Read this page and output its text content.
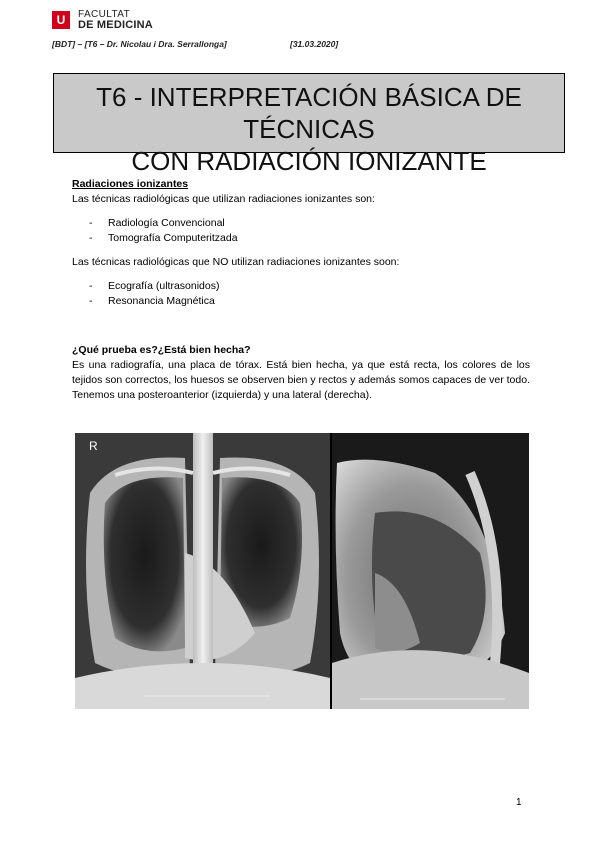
U	FACULTAT
DE MEDICINA
[BDT] – [T6 – Dr. Nicolau i Dra. Serrallonga]	[31.03.2020]
T6 - INTERPRETACIÓN BÁSICA DE TÉCNICAS
CON RADIACIÓN IONIZANTE
Radiaciones ionizantes
Las técnicas radiológicas que utilizan radiaciones ionizantes son:
- Radiología Convencional
- Tomografía Computeritzada
Las técnicas radiológicas que NO utilizan radiaciones ionizantes soon:
- Ecografía (ultrasonidos)
- Resonancia Magnética
¿Qué prueba es?¿Está bien hecha?
Es una radiografía, una placa de tórax. Está bien hecha, ya que está recta, los colores de los tejidos son correctos, los huesos se observen bien y rectos y además somos capaces de ver todo. Tenemos una posteroanterior (izquierda) y una lateral (derecha).
R
1
